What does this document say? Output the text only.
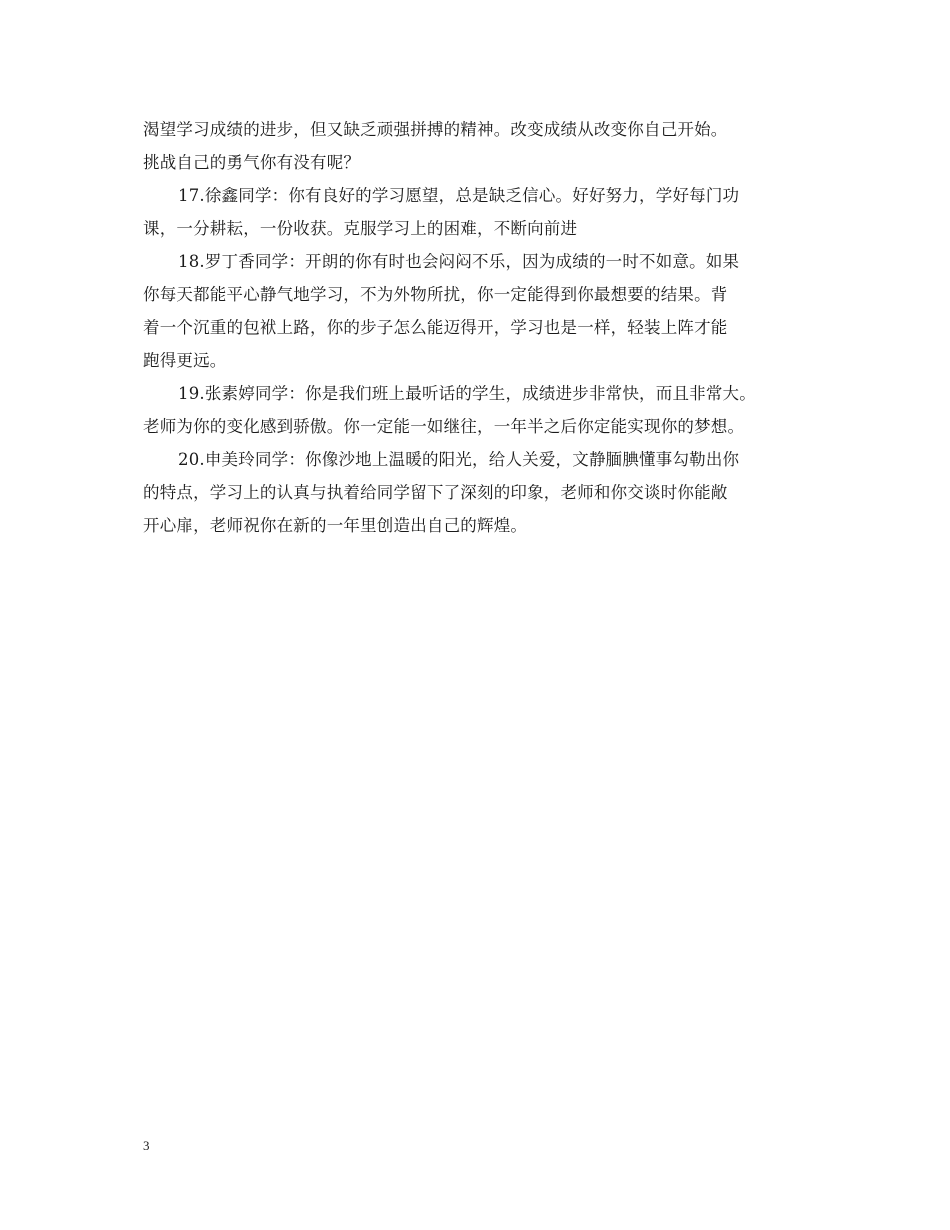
渴望学习成绩的进步，但又缺乏顽强拼搏的精神。改变成绩从改变你自己开始。
挑战自己的勇气你有没有呢？
17.徐鑫同学：你有良好的学习愿望，总是缺乏信心。好好努力，学好每门功
课，一分耕耘，一份收获。克服学习上的困难，不断向前进
18.罗丁香同学：开朗的你有时也会闷闷不乐，因为成绩的一时不如意。如果
你每天都能平心静气地学习，不为外物所扰，你一定能得到你最想要的结果。背
着一个沉重的包袱上路，你的步子怎么能迈得开，学习也是一样，轻装上阵才能
跑得更远。
19.张素婷同学：你是我们班上最听话的学生，成绩进步非常快，而且非常大。
老师为你的变化感到骄傲。你一定能一如继往，一年半之后你定能实现你的梦想。
20.申美玲同学：你像沙地上温暖的阳光，给人关爱，文静腼腆懂事勾勒出你
的特点，学习上的认真与执着给同学留下了深刻的印象，老师和你交谈时你能敞
开心扉，老师祝你在新的一年里创造出自己的辉煌。
3
